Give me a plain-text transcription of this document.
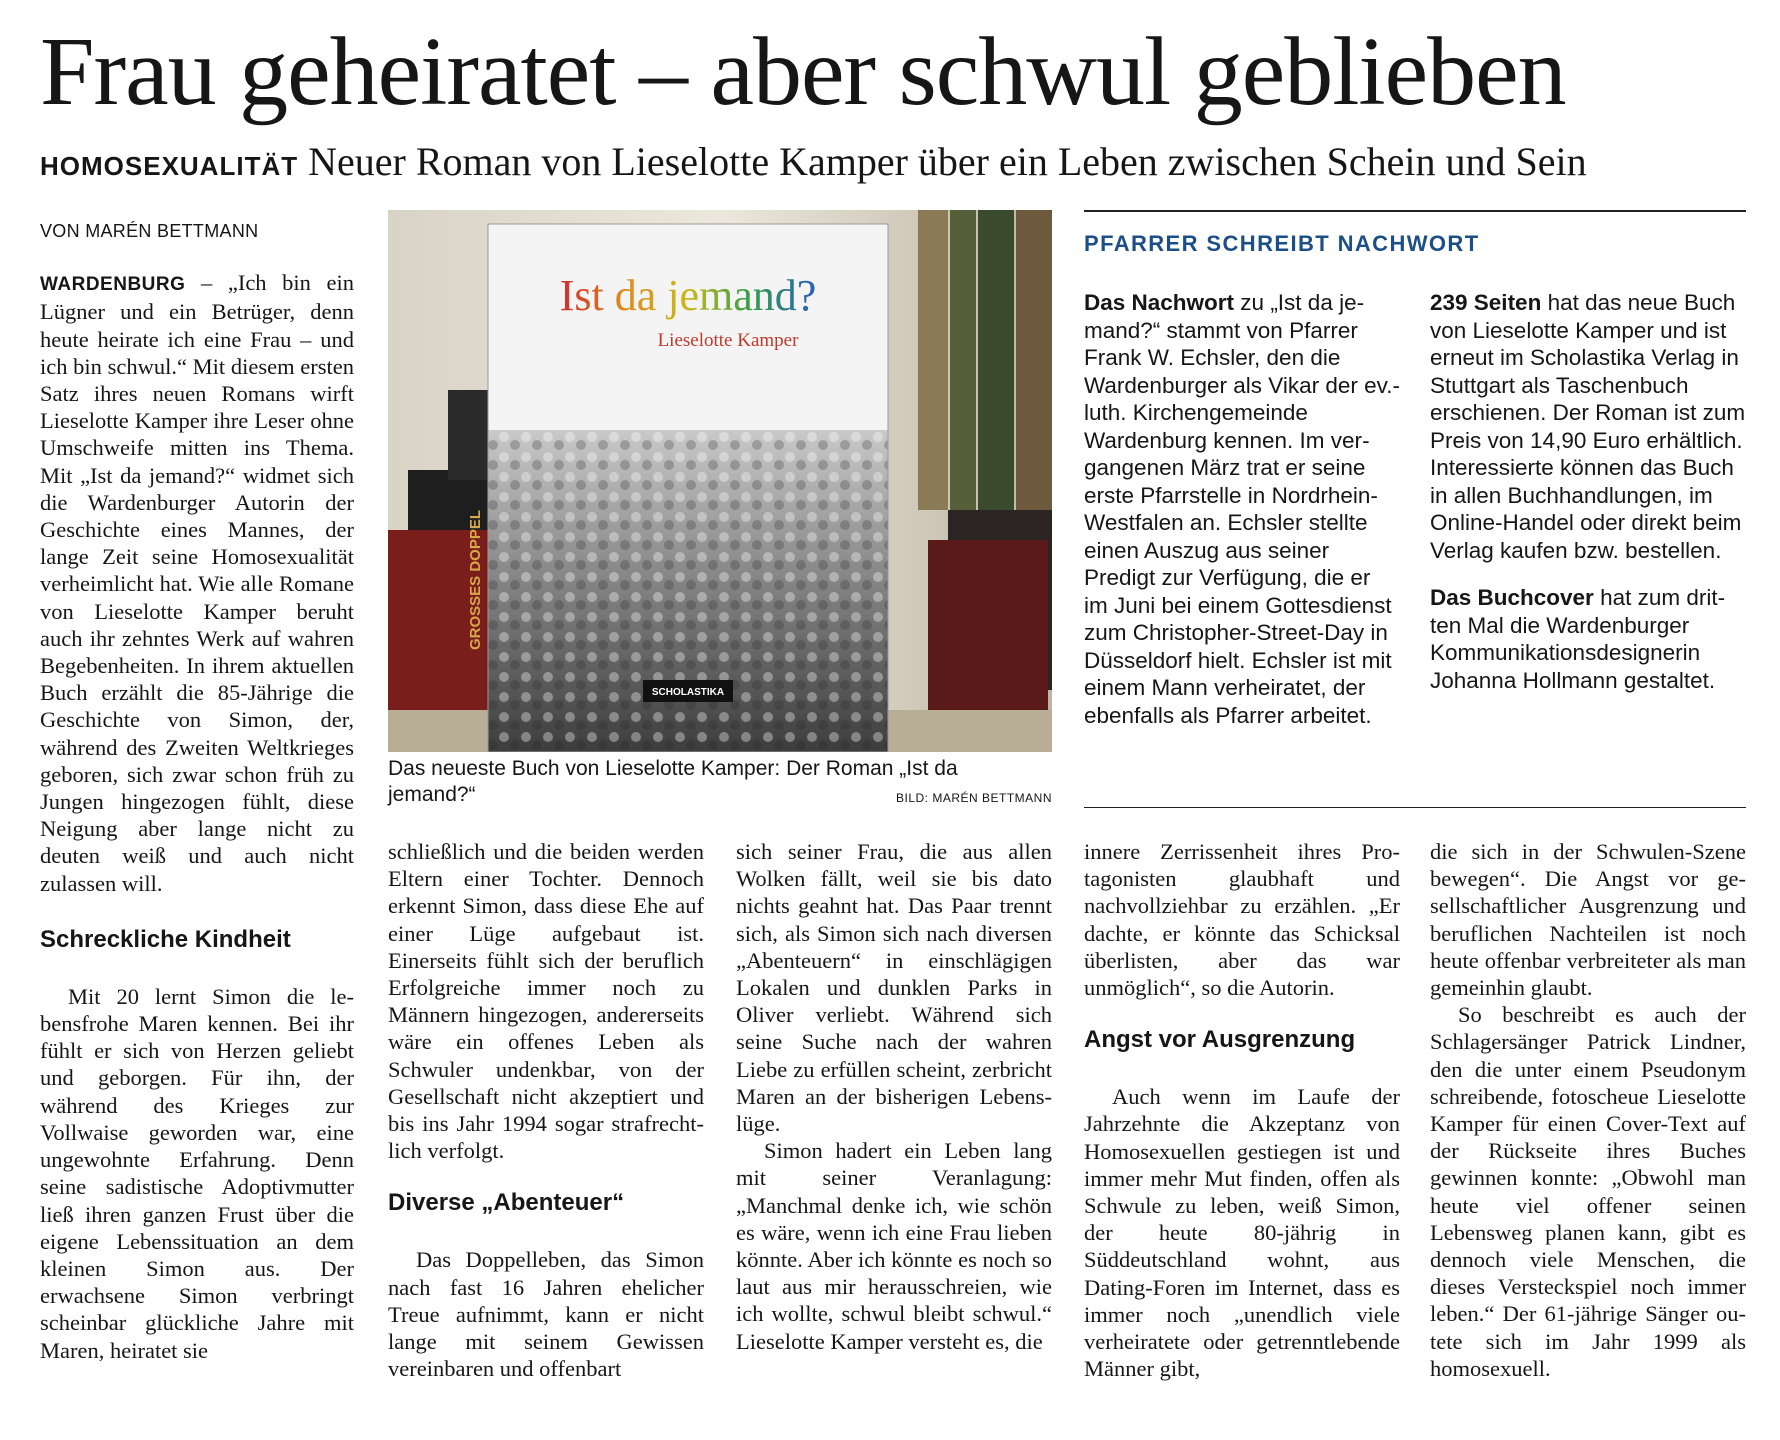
Frau geheiratet – aber schwul geblieben
HOMOSEXUALITÄT Neuer Roman von Lieselotte Kamper über ein Leben zwischen Schein und Sein
VON MARÉN BETTMANN

WARDENBURG – „Ich bin ein Lügner und ein Betrüger, denn heute heirate ich eine Frau – und ich bin schwul.“ Mit diesem ersten Satz ihres neuen Romans wirft Lieselotte Kamper ihre Leser ohne Umschweife mitten ins Thema. Mit „Ist da jemand?“ widmet sich die Wardenburger Autorin der Geschichte eines Mannes, der lange Zeit seine Homosexualität verheimlicht hat. Wie alle Romane von Lieselotte Kamper beruht auch ihr zehntes Werk auf wahren Begebenheiten. In ihrem aktuellen Buch erzählt die 85-Jährige die Geschichte von Simon, der, während des Zweiten Weltkrieges geboren, sich zwar schon früh zu Jungen hingezogen fühlt, diese Neigung aber lange nicht zu deuten weiß und auch nicht zulassen will.

Schreckliche Kindheit

Mit 20 lernt Simon die lebensfrohe Maren kennen. Bei ihr fühlt er sich von Herzen geliebt und geborgen. Für ihn, der während des Krieges zur Vollwaise geworden war, eine ungewohnte Erfahrung. Denn seine sadistische Adoptivmutter ließ ihren ganzen Frust über die eigene Lebenssituation an dem kleinen Simon aus. Der erwachsene Simon verbringt scheinbar glückliche Jahre mit Maren, heiratet sie

Ist da jemand?
Lieselotte Kamper
SCHOLASTIKA
GROSSES DOPPEL
Das neueste Buch von Lieselotte Kamper: Der Roman „Ist da jemand?“	BILD: MARÉN BETTMANN

schließlich und die beiden werden Eltern einer Tochter. Dennoch erkennt Simon, dass diese Ehe auf einer Lüge aufgebaut ist. Einerseits fühlt sich der beruflich Erfolgreiche immer noch zu Männern hingezogen, andererseits wäre ein offenes Leben als Schwuler undenkbar, von der Gesellschaft nicht akzeptiert und bis ins Jahr 1994 sogar strafrechtlich verfolgt.

Diverse „Abenteuer“

Das Doppelleben, das Simon nach fast 16 Jahren ehelicher Treue aufnimmt, kann er nicht lange mit seinem Gewissen vereinbaren und offenbart

sich seiner Frau, die aus allen Wolken fällt, weil sie bis dato nichts geahnt hat. Das Paar trennt sich, als Simon sich nach diversen „Abenteuern“ in einschlägigen Lokalen und dunklen Parks in Oliver verliebt. Während sich seine Suche nach der wahren Liebe zu erfüllen scheint, zerbricht Maren an der bisherigen Lebenslüge.

Simon hadert ein Leben lang mit seiner Veranlagung: „Manchmal denke ich, wie schön es wäre, wenn ich eine Frau lieben könnte. Aber ich könnte es noch so laut aus mir herausschreien, wie ich wollte, schwul bleibt schwul.“ Lieselotte Kamper versteht es, die

PFARRER SCHREIBT NACHWORT
Das Nachwort zu „Ist da jemand?“ stammt von Pfarrer Frank W. Echsler, den die Wardenburger als Vikar der ev.-luth. Kirchengemeinde Wardenburg kennen. Im vergangenen März trat er seine erste Pfarrstelle in Nordrhein-Westfalen an. Echsler stellte einen Auszug aus seiner Predigt zur Verfügung, die er im Juni bei einem Gottesdienst zum Christopher-Street-Day in Düsseldorf hielt. Echsler ist mit einem Mann verheiratet, der ebenfalls als Pfarrer arbeitet.
239 Seiten hat das neue Buch von Lieselotte Kamper und ist erneut im Scholastika Verlag in Stuttgart als Taschenbuch erschienen. Der Roman ist zum Preis von 14,90 Euro erhältlich. Interessierte können das Buch in allen Buchhandlungen, im Online-Handel oder direkt beim Verlag kaufen bzw. bestellen.
Das Buchcover hat zum dritten Mal die Wardenburger Kommunikationsdesignerin Johanna Hollmann gestaltet.

innere Zerrissenheit ihres Protagonisten glaubhaft und nachvollziehbar zu erzählen. „Er dachte, er könnte das Schicksal überlisten, aber das war unmöglich“, so die Autorin.

Angst vor Ausgrenzung

Auch wenn im Laufe der Jahrzehnte die Akzeptanz von Homosexuellen gestiegen ist und immer mehr Mut finden, offen als Schwule zu leben, weiß Simon, der heute 80-jährig in Süddeutschland wohnt, aus Dating-Foren im Internet, dass es immer noch „unendlich viele verheiratete oder getrenntlebende Männer gibt,

die sich in der Schwulen-Szene bewegen“. Die Angst vor gesellschaftlicher Ausgrenzung und beruflichen Nachteilen ist noch heute offenbar verbreiteter als man gemeinhin glaubt.

So beschreibt es auch der Schlagersänger Patrick Lindner, den die unter einem Pseudonym schreibende, fotoscheue Lieselotte Kamper für einen Cover-Text auf der Rückseite ihres Buches gewinnen konnte: „Obwohl man heute viel offener seinen Lebensweg planen kann, gibt es dennoch viele Menschen, die dieses Versteckspiel noch immer leben.“ Der 61-jährige Sänger outete sich im Jahr 1999 als homosexuell.
